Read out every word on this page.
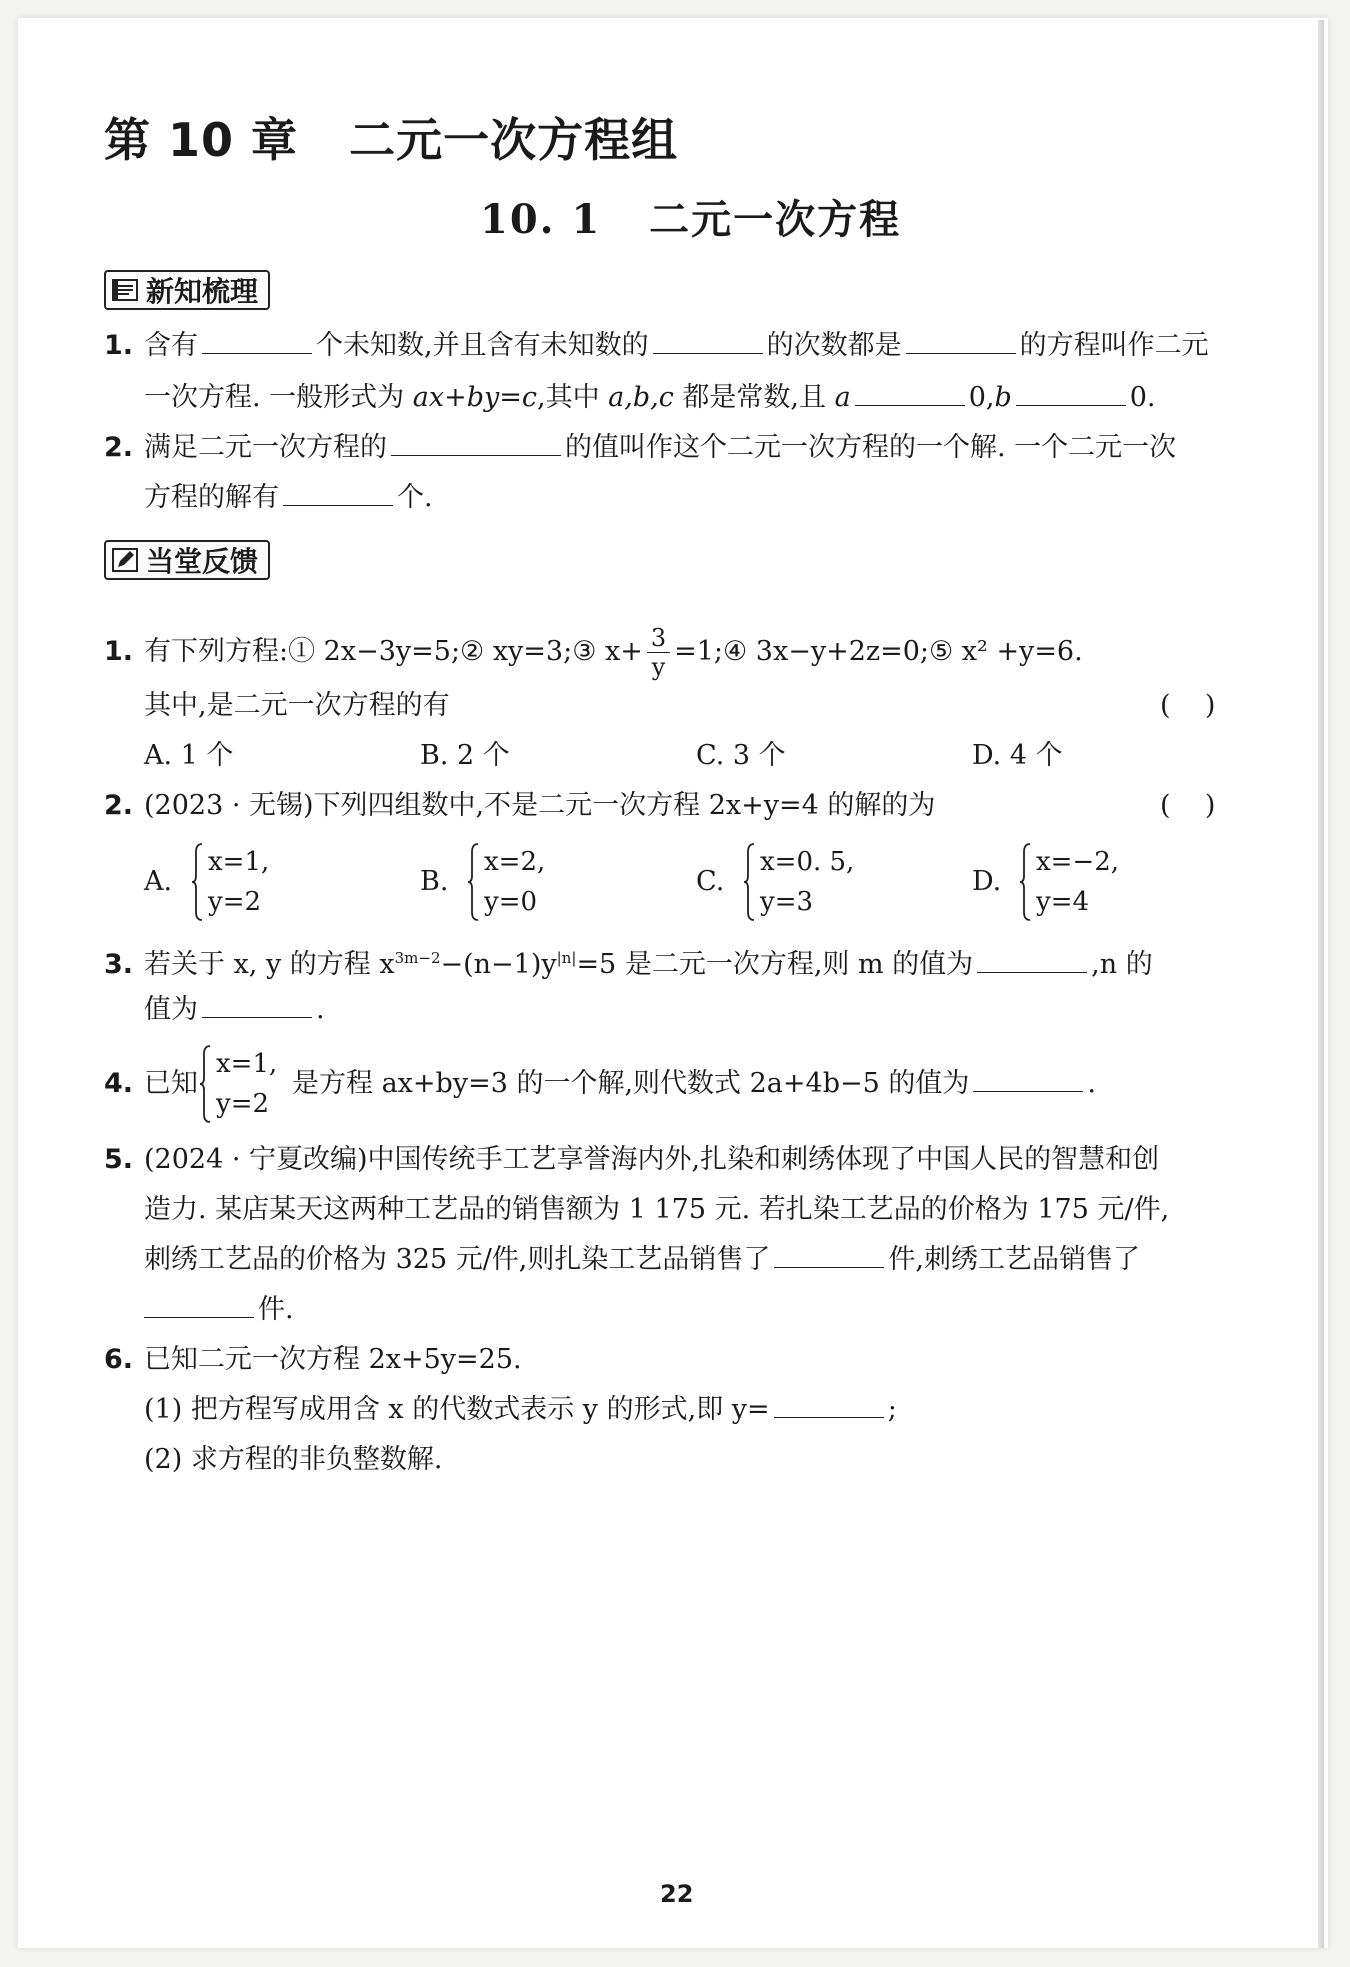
第 10 章   二元一次方程组
10. 1   二元一次方程
新知梳理
1. 含有	个未知数,并且含有未知数的	的次数都是	的方程叫作二元
一次方程. 一般形式为 ax+by=c,其中 a,b,c 都是常数,且 a	0,b	0.
2. 满足二元一次方程的	的值叫作这个二元一次方程的一个解. 一个二元一次
方程的解有	个.
当堂反馈
1. 有下列方程:① 2x−3y=5;② xy=3;③ $x+ \frac{3}{y}$ =1;④ 3x−y+2z=0;⑤ x² +y=6.
其中,是二元一次方程的有	(    )
A. 1 个	B. 2 个	C. 3 个	D. 4 个
2. (2023 · 无锡)下列四组数中,不是二元一次方程 2x+y=4 的解的为	(    )
A.
x=1,
y=2
B.
x=2,
y=0
C.
x=0. 5,
y=3
D.
x=−2,
y=4
3. 若关于 x, y 的方程 $x^{3m-2}-(n-1)y^{|n|}=5$ 是二元一次方程,则 m 的值为	,n 的
值为	.
4. 已知
x=1,
y=2
是方程 ax+by=3 的一个解,则代数式 2a+4b−5 的值为	.
5. (2024 · 宁夏改编)中国传统手工艺享誉海内外,扎染和刺绣体现了中国人民的智慧和创
造力. 某店某天这两种工艺品的销售额为 1 175 元. 若扎染工艺品的价格为 175 元/件,
刺绣工艺品的价格为 325 元/件,则扎染工艺品销售了	件,刺绣工艺品销售了
件.
6. 已知二元一次方程 2x+5y=25.
(1) 把方程写成用含 x 的代数式表示 y 的形式,即 y=	;
(2) 求方程的非负整数解.
22
